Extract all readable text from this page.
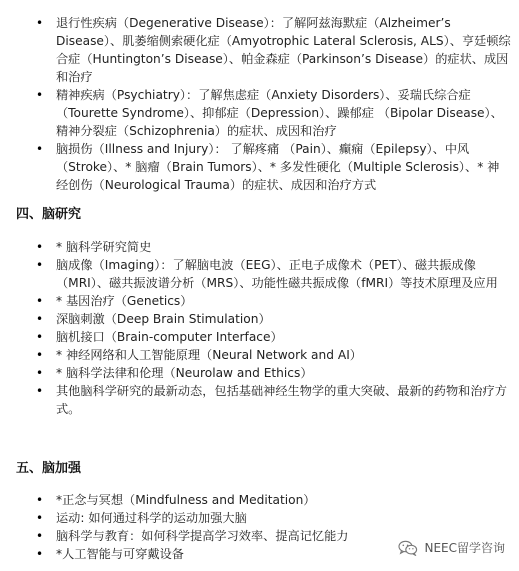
• 退行性疾病（Degenerative Disease）：了解阿兹海默症（Alzheimer’s Disease）、肌萎缩侧索硬化症（Amyotrophic Lateral Sclerosis, ALS）、亨廷顿综合症（Huntington’s Disease）、帕金森症（Parkinson’s Disease）的症状、成因和治疗
• 精神疾病（Psychiatry）：了解焦虑症（Anxiety Disorders）、妥瑞氏综合症（Tourette Syndrome）、抑郁症（Depression）、躁郁症 （Bipolar Disease）、精神分裂症（Schizophrenia）的症状、成因和治疗
• 脑损伤（Illness and Injury）： 了解疼痛 （Pain）、癫痫（Epilepsy）、中风（Stroke）、* 脑瘤（Brain Tumors）、* 多发性硬化（Multiple Sclerosis）、* 神经创伤（Neurological Trauma）的症状、成因和治疗方式
四、脑研究
• * 脑科学研究简史
• 脑成像（Imaging）：了解脑电波（EEG）、正电子成像术（PET）、磁共振成像（MRI）、磁共振波谱分析（MRS）、功能性磁共振成像（fMRI）等技术原理及应用
• * 基因治疗（Genetics）
• 深脑刺激（Deep Brain Stimulation）
• 脑机接口（Brain-computer Interface）
• * 神经网络和人工智能原理（Neural Network and AI）
• * 脑科学法律和伦理（Neurolaw and Ethics）
• 其他脑科学研究的最新动态，包括基础神经生物学的重大突破、最新的药物和治疗方式。
五、脑加强
• *正念与冥想（Mindfulness and Meditation）
• 运动: 如何通过科学的运动加强大脑
• 脑科学与教育：如何科学提高学习效率、提高记忆能力
• *人工智能与可穿戴设备	NEEC留学咨询
